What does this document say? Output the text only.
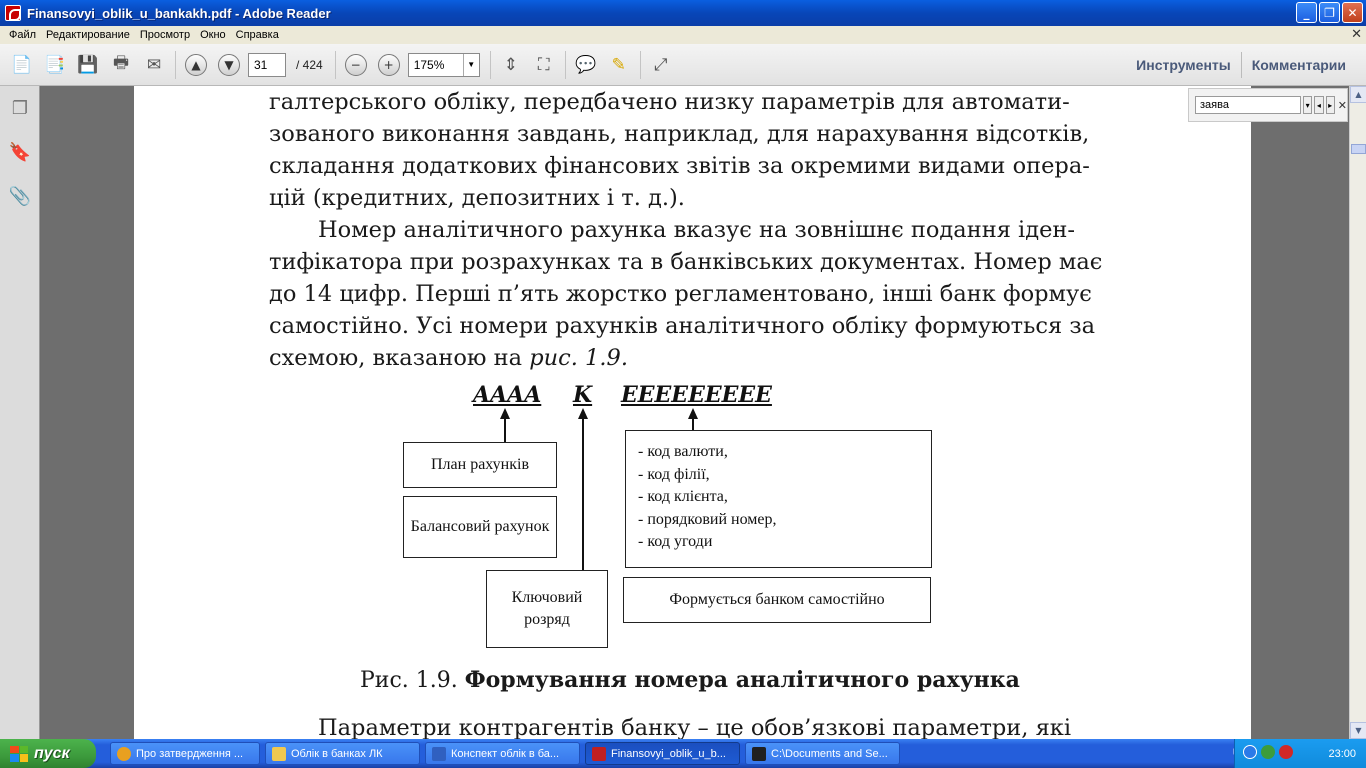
Finansovyi_oblik_u_bankakh.pdf - Adobe Reader	_	❐	✕
Файл Редактирование Просмотр Окно Справка	✕
📄 📑 💾 🖶	✉	▲	▼
31	/ 424	−	+	175%	▼	⇕	⛶	💬 ✎	⤢	Инструменты	Комментарии
❐
🔖
📎
галтерського обліку, передбачено низку параметрів для автомати-
зованого виконання завдань, наприклад, для нарахування відсотків,
складання додаткових фінансових звітів за окремими видами опера-
цій (кредитних, депозитних і т. д.).
Номер аналітичного рахунка вказує на зовнішнє подання іден-
тифікатора при розрахунках та в банківських документах. Номер має
до 14 цифр. Перші п’ять жорстко регламентовано, інші банк формує
самостійно. Усі номери рахунків аналітичного обліку формуються за
схемою, вказаною на рис. 1.9.
AAAA K EEEEEEEEE
План рахунків
Балансовий рахунок
Ключовий розряд
- код валюти,
- код філії,
- код клієнта,
- порядковий номер,
- код угоди
Формується банком самостійно
Рис. 1.9. Формування номера аналітичного рахунка
Параметри контрагентів банку – це обов’язкові параметри, які
заява
▾ ◂ ▸ ✕
▲
▼
пуск	Про затвердження ...	Облік в банках ЛК	Конспект облік в ба...	Finansovyi_oblik_u_b...	C:\Documents and Se...	23:00
